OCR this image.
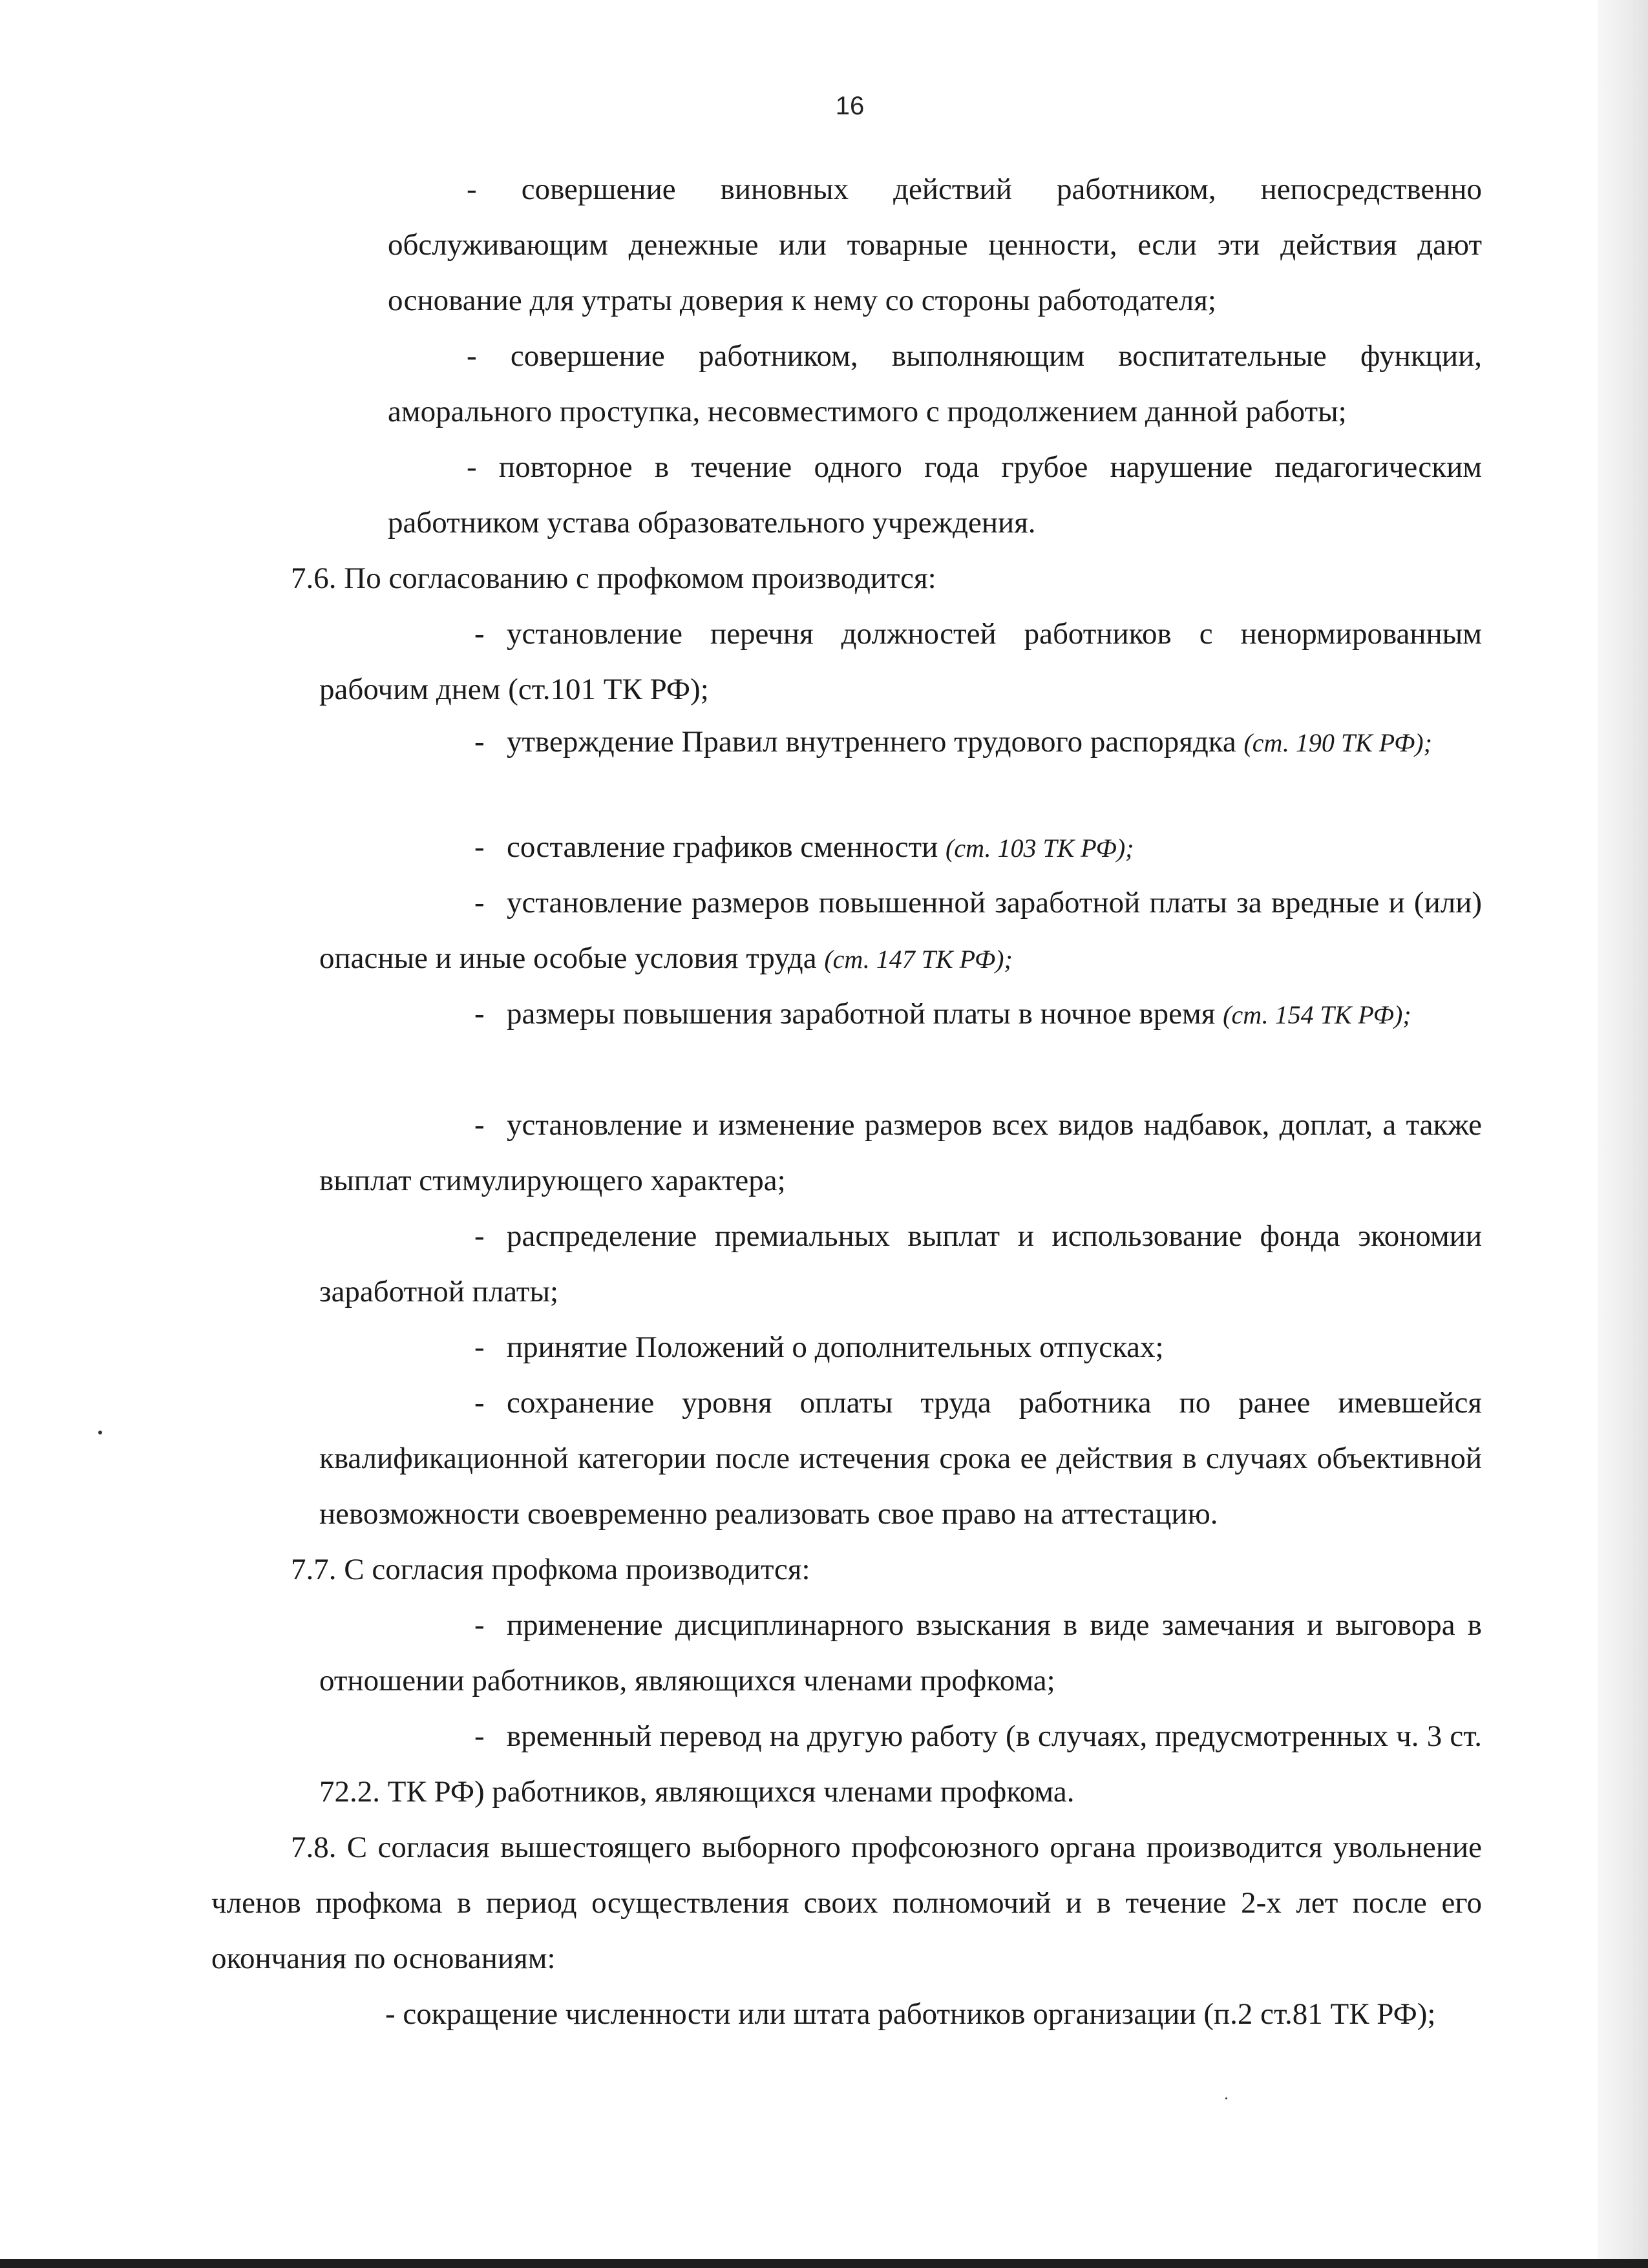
16

- совершение виновных действий работником, непосредственно обслуживающим денежные или товарные ценности, если эти действия дают основание для утраты доверия к нему со стороны работодателя;

- совершение работником, выполняющим воспитательные функции, аморального проступка, несовместимого с продолжением данной работы;

- повторное в течение одного года грубое нарушение педагогическим работником устава образовательного учреждения.

7.6. По согласованию с профкомом производится:

- установление перечня должностей работников с ненормированным рабочим днем (ст.101 ТК РФ);

- утверждение Правил внутреннего трудового распорядка (ст. 190 ТК РФ);

- составление графиков сменности (ст. 103 ТК РФ);

- установление размеров повышенной заработной платы за вредные и (или) опасные и иные особые условия труда (ст. 147 ТК РФ);

- размеры повышения заработной платы в ночное время (ст. 154 ТК РФ);

- установление и изменение размеров всех видов надбавок, доплат, а также выплат стимулирующего характера;

- распределение премиальных выплат и использование фонда экономии заработной платы;

- принятие Положений о дополнительных отпусках;

- сохранение уровня оплаты труда работника по ранее имевшейся квалификационной категории после истечения срока ее действия в случаях объективной невозможности своевременно реализовать свое право на аттестацию.

7.7. С согласия профкома производится:

- применение дисциплинарного взыскания в виде замечания и выговора в отношении работников, являющихся членами профкома;

- временный перевод на другую работу (в случаях, предусмотренных ч. 3 ст. 72.2. ТК РФ) работников, являющихся членами профкома.

7.8. С согласия вышестоящего выборного профсоюзного органа производится увольнение членов профкома в период осуществления своих полномочий и в течение 2-х лет после его окончания по основаниям:

- сокращение численности или штата работников организации (п.2 ст.81 ТК РФ);
